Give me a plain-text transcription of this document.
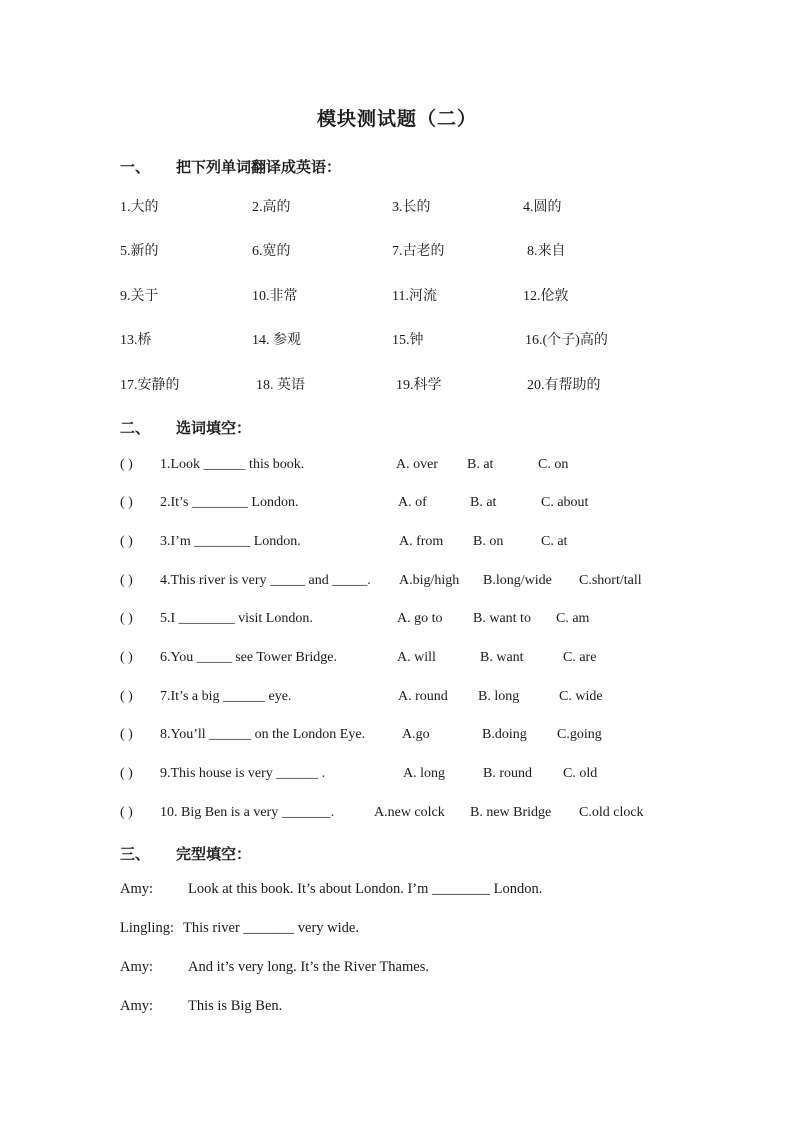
模块测试题（二）
一、 把下列单词翻译成英语：
1.大的	2.高的	3.长的	4.圆的
5.新的	6.宽的	7.古老的	8.来自
9.关于	10.非常	11.河流	12.伦敦
13.桥	14. 参观	15.钟	16.(个子)高的
17.安静的	18. 英语	19.科学	20.有帮助的
二、 选词填空：
( ) 1.Look ______ this book.	A. over B. at	C. on
( ) 2.It’s ________ London.	A. of	B. at	C. about
( ) 3.I’m ________ London.	A. from B. on	C. at
( ) 4.This river is very _____ and _____. A.big/high B.long/wide C.short/tall
( ) 5.I ________ visit London.	A. go to B. want to C. am
( ) 6.You _____ see Tower Bridge.	A. will	B. want	C. are
( ) 7.It’s a big ______ eye.	A. round B. long	C. wide
( ) 8.You’ll ______ on the London Eye.	A.go	B.doing C.going
( ) 9.This house is very ______ .	A. long	B. round C. old
( ) 10. Big Ben is a very _______.	A.new colck B. new Bridge C.old clock
三、 完型填空：
Amy: Look at this book. It’s about London. I’m ________ London.
Lingling: This river _______ very wide.
Amy: And it’s very long. It’s the River Thames.
Amy: This is Big Ben.
